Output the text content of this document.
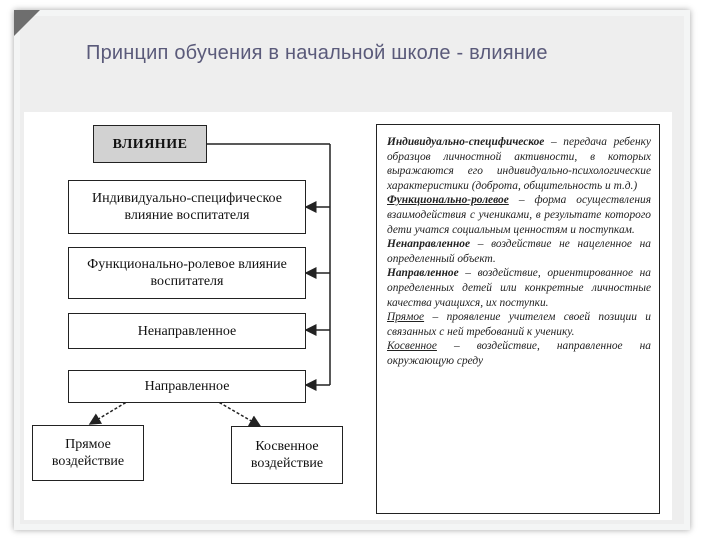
Принцип обучения в начальной школе - влияние
ВЛИЯНИЕ
Индивидуально-специфическое влияние воспитателя
Функционально-ролевое влияние воспитателя
Ненаправленное
Направленное
Прямое воздействие
Косвенное воздействие

Индивидуально-специфическое – передача ребенку образцов личностной активности, в которых выражаются его индивидуально-психологические характеристики (доброта, общительность и т.д.)

Функционально-ролевое – форма осуществления взаимодействия с учениками, в результате которого дети учатся социальным ценностям и поступкам.

Ненаправленное – воздействие не нацеленное на определенный объект.

Направленное – воздействие, ориентированное на определенных детей или конкретные личностные качества учащихся, их поступки.

Прямое – проявление учителем своей позиции и связанных с ней требований к ученику.

Косвенное – воздействие, направленное на окружающую среду
